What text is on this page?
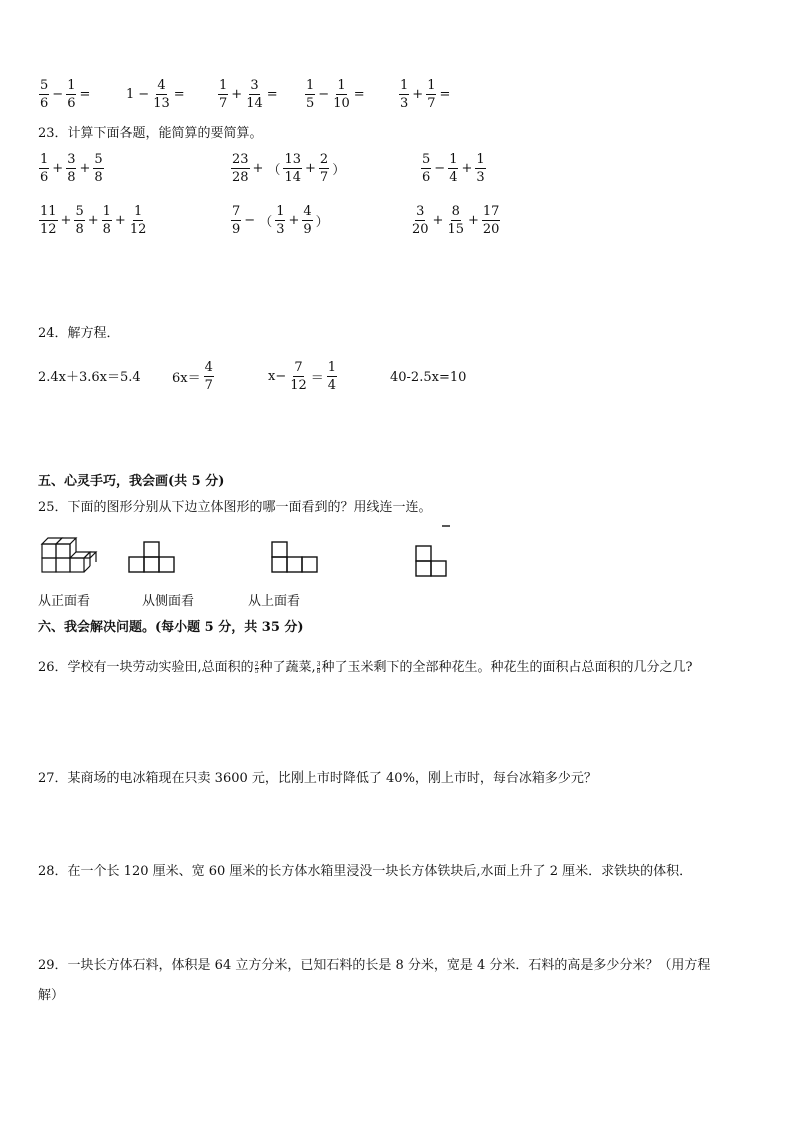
$\frac{5}{6} - \frac{1}{6}$ =	$1 - \frac{4}{13}$ =	$\frac{1}{7} + \frac{3}{14} = \frac{1}{5} - \frac{1}{10}$ =	$\frac{1}{3} + \frac{1}{7}$ =
23．计算下面各题，能简算的要简算。
$\frac{1}{6} + \frac{3}{8} + \frac{5}{8}$	$\frac{23}{28}$ + （ $\frac{13}{14} + \frac{2}{7}$ ）	$\frac{5}{6} - \frac{1}{4} + \frac{1}{3}$
$\frac{11}{12} + \frac{5}{8} + \frac{1}{8} + \frac{1}{12}$	$\frac{7}{9}$ − （ $\frac{1}{3} + \frac{4}{9}$ ）	$\frac{3}{20} + \frac{8}{15} + \frac{17}{20}$
24．解方程．
2.4x＋3.6x＝5.4 $6x= \frac{4}{7}$	$x- \frac{7}{12} = \frac{1}{4}$	40-2.5x=10
五、心灵手巧，我会画(共 5 分)
25．下面的图形分别从下边立体图形的哪一面看到的？用线连一连。
从正面看	从侧面看	从上面看
六、我会解决问题。(每小题 5 分，共 35 分)
26．学校有一块劳动实验田,总面积的 $\frac{2}{5}$ 种了蔬菜, $\frac{3}{8}$ 种了玉米剩下的全部种花生。种花生的面积占总面积的几分之几?
27．某商场的电冰箱现在只卖 3600 元，比刚上市时降低了 40%，刚上市时，每台冰箱多少元？
28．在一个长 120 厘米、宽 60 厘米的长方体水箱里浸没一块长方体铁块后,水面上升了 2 厘米．求铁块的体积．
29．一块长方体石料，体积是 64 立方分米，已知石料的长是 8 分米，宽是 4 分米．石料的高是多少分米？（用方程
解）
